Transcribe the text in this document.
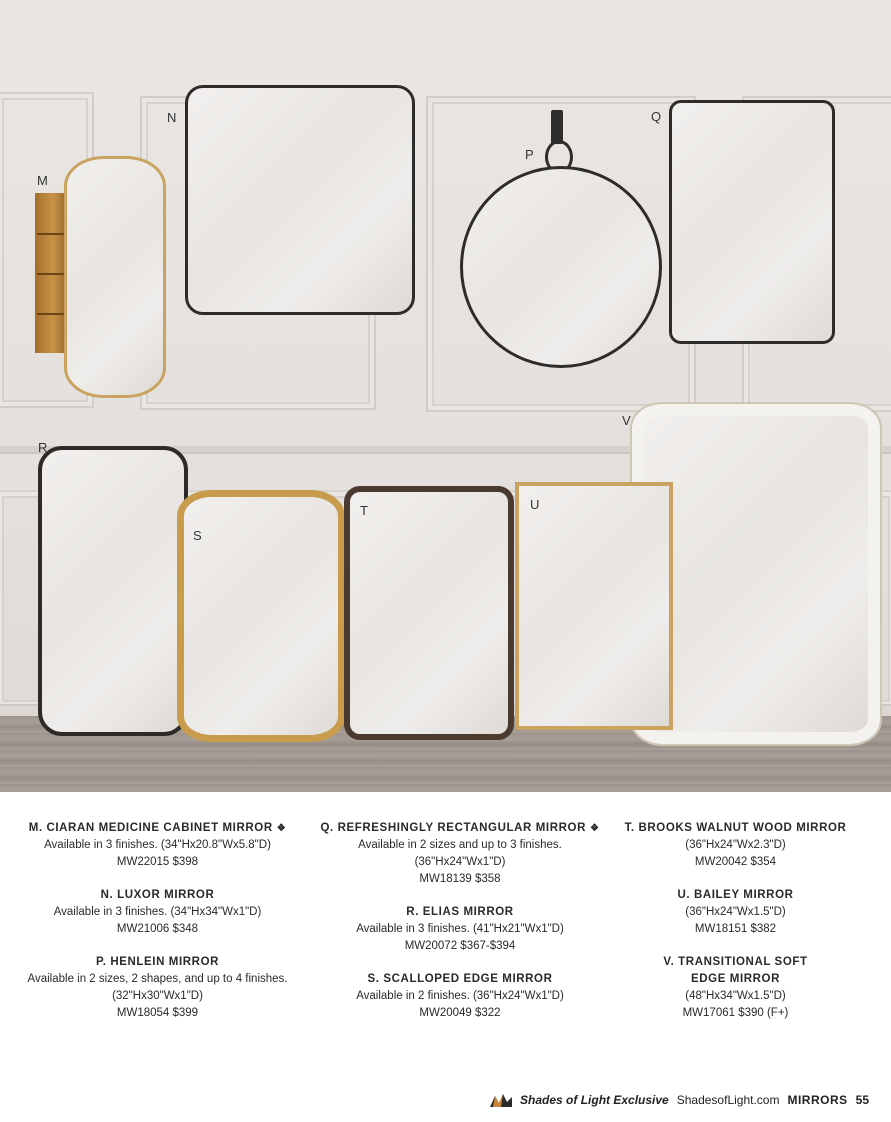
M
N
P
Q
V
R
S
T	U
M. CIARAN MEDICINE CABINET MIRROR ❖
Available in 3 finishes. (34"Hx20.8"Wx5.8"D)
MW22015 $398
N. LUXOR MIRROR
Available in 3 finishes. (34"Hx34"Wx1"D)
MW21006 $348
P. HENLEIN MIRROR
Available in 2 sizes, 2 shapes, and up to 4 finishes.
(32"Hx30"Wx1"D)
MW18054 $399
Q. REFRESHINGLY RECTANGULAR MIRROR ❖
Available in 2 sizes and up to 3 finishes.
(36"Hx24"Wx1"D)
MW18139 $358
R. ELIAS MIRROR
Available in 3 finishes. (41"Hx21"Wx1"D)
MW20072 $367-$394
S. SCALLOPED EDGE MIRROR
Available in 2 finishes. (36"Hx24"Wx1"D)
MW20049 $322
T. BROOKS WALNUT WOOD MIRROR
(36"Hx24"Wx2.3"D)
MW20042 $354
U. BAILEY MIRROR
(36"Hx24"Wx1.5"D)
MW18151 $382
V. TRANSITIONAL SOFT
EDGE MIRROR
(48"Hx34"Wx1.5"D)
MW17061 $390 (F+)
Shades of Light Exclusive ShadesofLight.com MIRRORS 55
